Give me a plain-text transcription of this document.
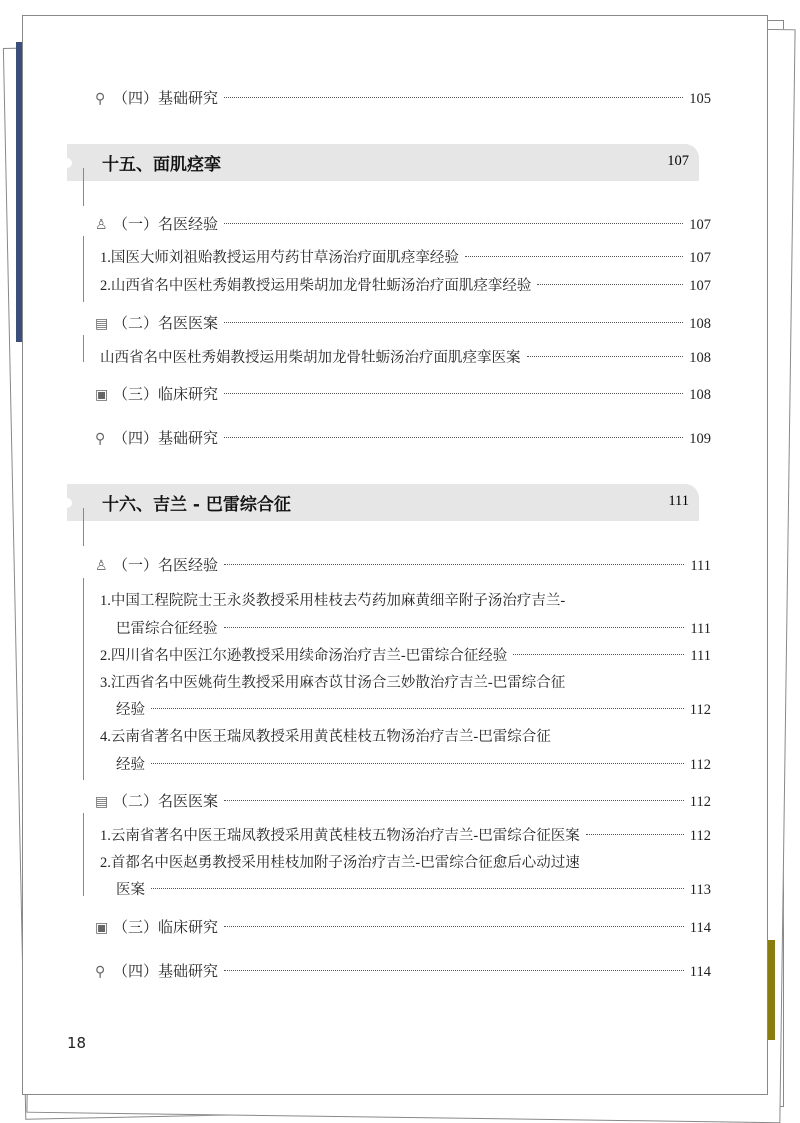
⚲ （四）基础研究	105
十五、面肌痉挛	107
♙ （一）名医经验	107
1.国医大师刘祖贻教授运用芍药甘草汤治疗面肌痉挛经验	107
2.山西省名中医杜秀娟教授运用柴胡加龙骨牡蛎汤治疗面肌痉挛经验	107
▤ （二）名医医案	108
山西省名中医杜秀娟教授运用柴胡加龙骨牡蛎汤治疗面肌痉挛医案	108
▣ （三）临床研究	108
⚲ （四）基础研究	109
十六、吉兰 - 巴雷综合征	111
♙ （一）名医经验	111
1.中国工程院院士王永炎教授采用桂枝去芍药加麻黄细辛附子汤治疗吉兰-
巴雷综合征经验	111
2.四川省名中医江尔逊教授采用续命汤治疗吉兰-巴雷综合征经验	111
3.江西省名中医姚荷生教授采用麻杏苡甘汤合三妙散治疗吉兰-巴雷综合征
经验	112
4.云南省著名中医王瑞凤教授采用黄芪桂枝五物汤治疗吉兰-巴雷综合征
经验	112
▤ （二）名医医案	112
1.云南省著名中医王瑞凤教授采用黄芪桂枝五物汤治疗吉兰-巴雷综合征医案	112
2.首都名中医赵勇教授采用桂枝加附子汤治疗吉兰-巴雷综合征愈后心动过速
医案	113
▣ （三）临床研究	114
⚲ （四）基础研究	114
18
